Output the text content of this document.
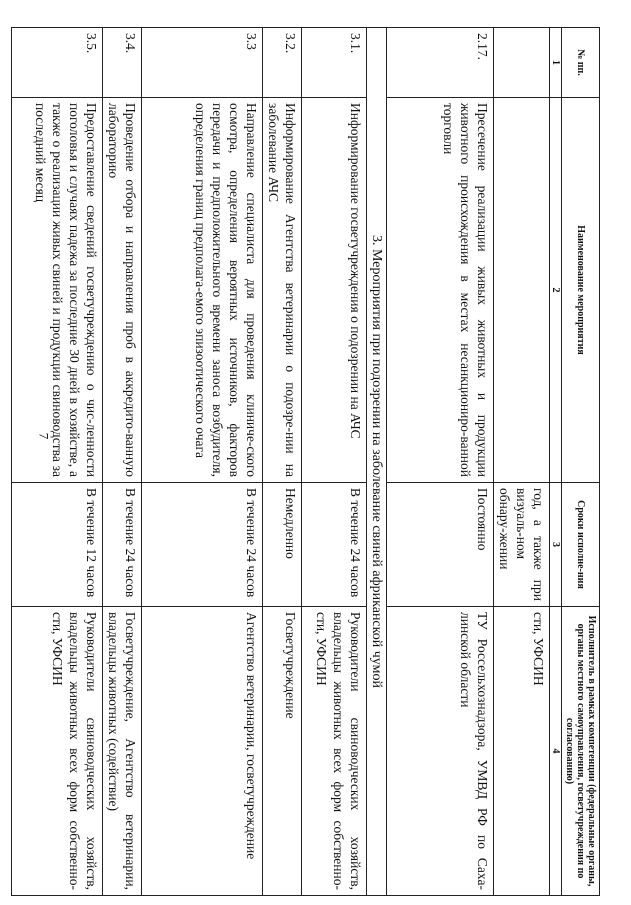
7
№ пп.	Наименование мероприятия	Сроки исполне-ния	Исполнитель в рамках компетенции (федеральные органы, органы местного самоуправления, госветучреждения по согласованию)
1	2	3	4
		год, а также при визуаль-ном обнару-жении	сти, УФСИН
2.17.	Пресечение реализации живых животных и продукции животного происхождения в местах несанкциониро-ванной торговли	Постоянно	ТУ Россельхознадзора, УМВД РФ по Саха-линской области
3. Мероприятия при подозрении на заболевание свиней африканской чумой			
3.1.	Информирование госветучреждения о подозрении на АЧС	В течение 24 часов	Руководители свиноводческих хозяйств, владельцы животных всех форм собственно-сти, УФСИН
3.2.	Информирование Агентства ветеринарии о подозре-нии на заболевание АЧС	Немедленно	Госветучреждение
3.3	Направление специалиста для проведения клиниче-ского осмотра, определения вероятных источников, факторов передачи и предположительного времени заноса возбудителя, определения границ предполага-емого эпизоотического очага	В течение 24 часов	Агентство ветеринарии, госветучреждение
3.4.	Проведение отбора и направления проб в аккредито-ванную лабораторию	В течение 24 часов	Госветучреждение, Агентство ветеринарии, владельцы животных (содействие)
3.5.	Предоставление сведений госветучреждению о чис-ленности поголовья и случаях падежа за последние 30 дней в хозяйстве, а также о реализации живых свиней и продукции свиноводства за последний месяц	В течение 12 часов	Руководители свиноводческих хозяйств, владельцы животных всех форм собственно-сти, УФСИН
